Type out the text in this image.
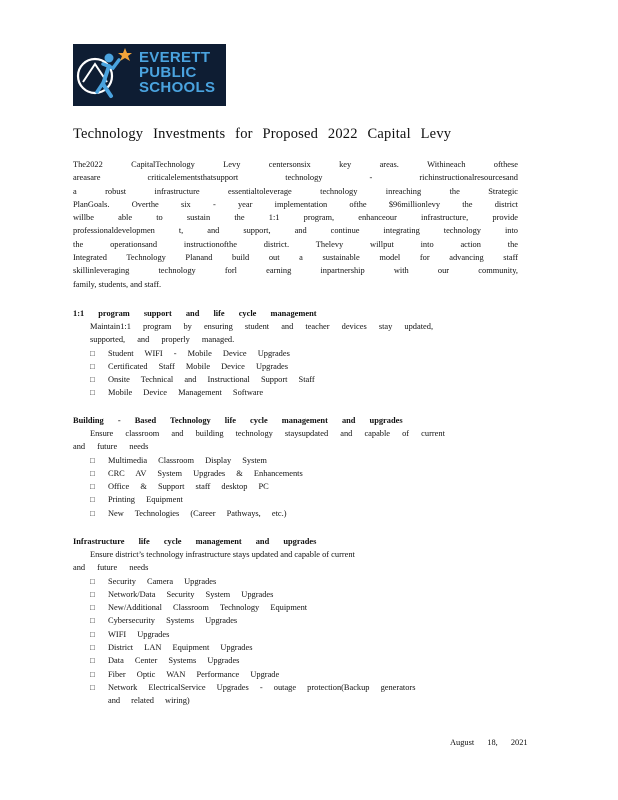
EVERETT
PUBLIC
SCHOOLS
Technology Investments for Proposed 2022 Capital Levy
The2022 CapitalTechnology Levy centersonsix key areas. Withineach ofthese
areasare criticalelementsthatsupport technology - richinstructionalresourcesand
a robust infrastructure essentialtoleverage technology inreaching the Strategic
PlanGoals. Overthe six - year implementation ofthe $96millionlevy the district
willbe able to sustain the 1:1 program, enhanceour infrastructure, provide
professionaldevelopmen t, and support, and continue integrating technology into
the operationsand instructionofthe district. Thelevy willput into action the
Integrated Technology Planand build out a sustainable model for advancing staff
skillinleveraging technology forl earning inpartnership with our community,
family, students, and staff.
1:1 program support and life cycle management
Maintain1:1 program by ensuring student and teacher devices stay updated,
supported, and properly managed.
□ Student WIFI - Mobile Device Upgrades
□ Certificated Staff Mobile Device Upgrades
□ Onsite Technical and Instructional Support Staff
□ Mobile Device Management Software
Building - Based Technology life cycle management and upgrades
Ensure classroom and building technology staysupdated and capable of current
and future needs
□ Multimedia Classroom Display System
□ CRC AV System Upgrades & Enhancements
□ Office & Support staff desktop PC
□ Printing Equipment
□ New Technologies (Career Pathways, etc.)
Infrastructure life cycle management and upgrades
Ensure district’s technology infrastructure stays updated and capable of current
and future needs
□ Security Camera Upgrades
□ Network/Data Security System Upgrades
□ New/Additional Classroom Technology Equipment
□ Cybersecurity Systems Upgrades
□ WIFI Upgrades
□ District LAN Equipment Upgrades
□ Data Center Systems Upgrades
□ Fiber Optic WAN Performance Upgrade
□ Network ElectricalService Upgrades - outage protection(Backup generators
and related wiring)
August 18, 2021
